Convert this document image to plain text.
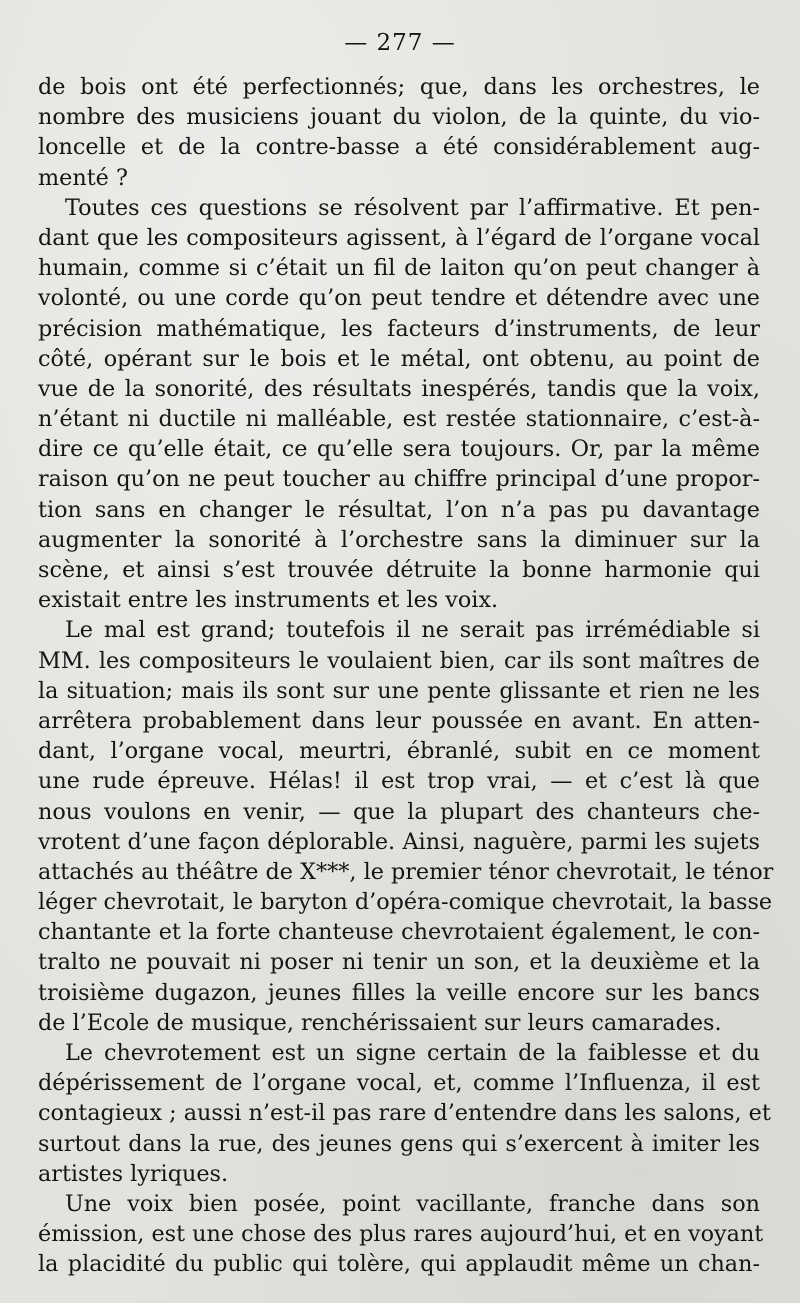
— 277 —
de bois ont été perfectionnés; que, dans les orchestres, le
nombre des musiciens jouant du violon, de la quinte, du vio-
loncelle et de la contre-basse a été considérablement aug-
menté ?
Toutes ces questions se résolvent par l’affirmative. Et pen-
dant que les compositeurs agissent, à l’égard de l’organe vocal
humain, comme si c’était un fil de laiton qu’on peut changer à
volonté, ou une corde qu’on peut tendre et détendre avec une
précision mathématique, les facteurs d’instruments, de leur
côté, opérant sur le bois et le métal, ont obtenu, au point de
vue de la sonorité, des résultats inespérés, tandis que la voix,
n’étant ni ductile ni malléable, est restée stationnaire, c’est-à-
dire ce qu’elle était, ce qu’elle sera toujours. Or, par la même
raison qu’on ne peut toucher au chiffre principal d’une propor-
tion sans en changer le résultat, l’on n’a pas pu davantage
augmenter la sonorité à l’orchestre sans la diminuer sur la
scène, et ainsi s’est trouvée détruite la bonne harmonie qui
existait entre les instruments et les voix.
Le mal est grand; toutefois il ne serait pas irrémédiable si
MM. les compositeurs le voulaient bien, car ils sont maîtres de
la situation; mais ils sont sur une pente glissante et rien ne les
arrêtera probablement dans leur poussée en avant. En atten-
dant, l’organe vocal, meurtri, ébranlé, subit en ce moment
une rude épreuve. Hélas! il est trop vrai, — et c’est là que
nous voulons en venir, — que la plupart des chanteurs che-
vrotent d’une façon déplorable. Ainsi, naguère, parmi les sujets
attachés au théâtre de X***, le premier ténor chevrotait, le ténor
léger chevrotait, le baryton d’opéra-comique chevrotait, la basse
chantante et la forte chanteuse chevrotaient également, le con-
tralto ne pouvait ni poser ni tenir un son, et la deuxième et la
troisième dugazon, jeunes filles la veille encore sur les bancs
de l’Ecole de musique, renchérissaient sur leurs camarades.
Le chevrotement est un signe certain de la faiblesse et du
dépérissement de l’organe vocal, et, comme l’Influenza, il est
contagieux ; aussi n’est-il pas rare d’entendre dans les salons, et
surtout dans la rue, des jeunes gens qui s’exercent à imiter les
artistes lyriques.
Une voix bien posée, point vacillante, franche dans son
émission, est une chose des plus rares aujourd’hui, et en voyant
la placidité du public qui tolère, qui applaudit même un chan-
